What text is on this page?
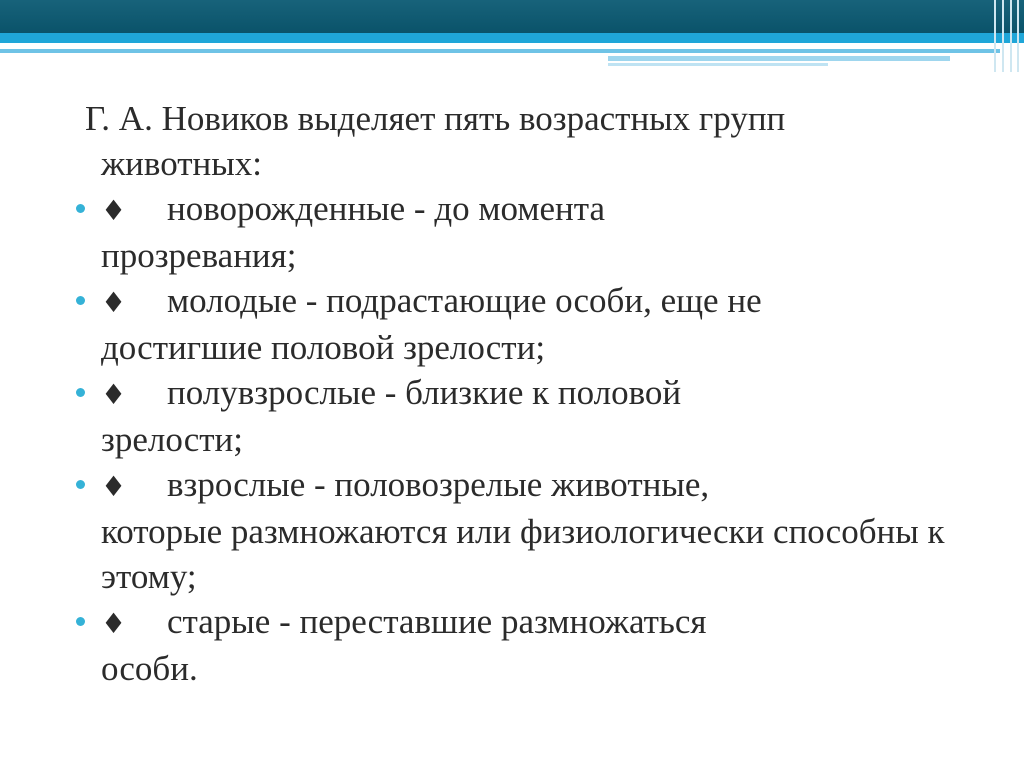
Г. А. Новиков выделяет пять возрастных групп
животных:

♦ новорожденные - до момента
прозревания;
♦ молодые - подрастающие особи, еще не
достигшие половой зрелости;
♦ полувзрослые - близкие к половой
зрелости;
♦ взрослые - половозрелые животные,
которые размножаются или физиологически способны к этому;
♦ старые - переставшие размножаться
особи.
